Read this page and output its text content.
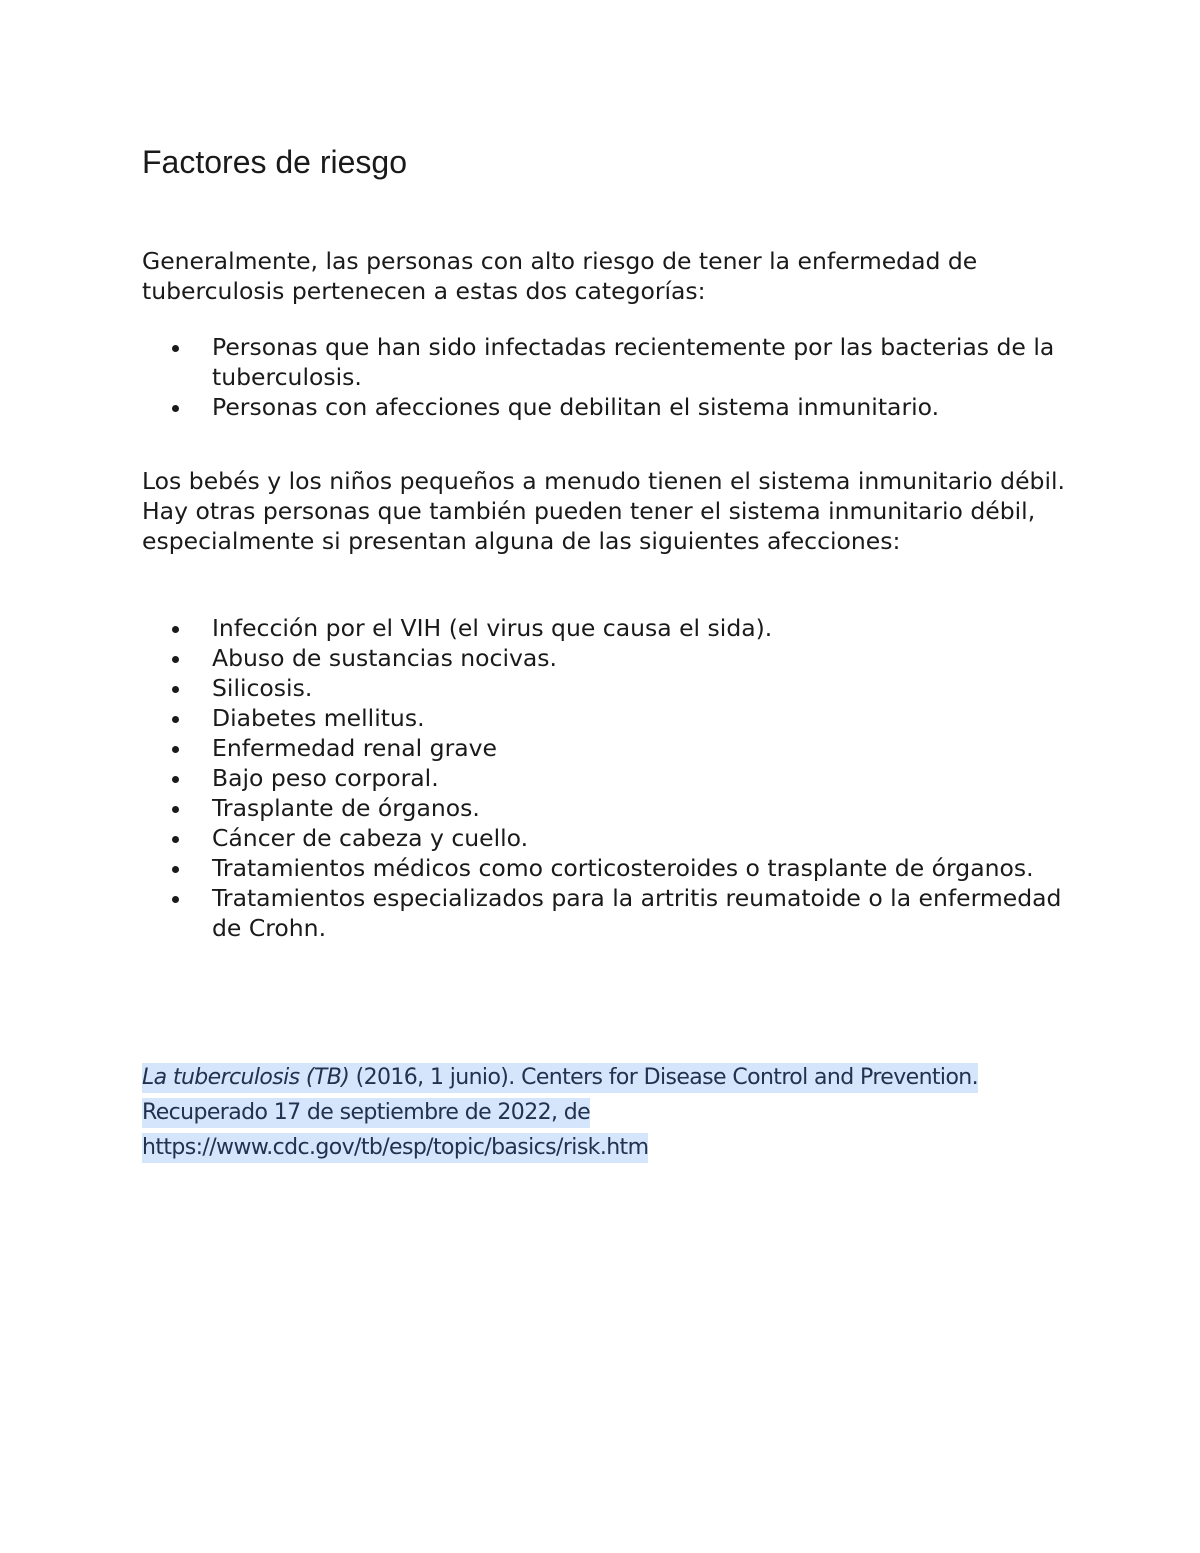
Factores de riesgo

Generalmente, las personas con alto riesgo de tener la enfermedad de tuberculosis pertenecen a estas dos categorías:

Personas que han sido infectadas recientemente por las bacterias de la tuberculosis.
Personas con afecciones que debilitan el sistema inmunitario.

Los bebés y los niños pequeños a menudo tienen el sistema inmunitario débil. Hay otras personas que también pueden tener el sistema inmunitario débil, especialmente si presentan alguna de las siguientes afecciones:

Infección por el VIH (el virus que causa el sida).
Abuso de sustancias nocivas.
Silicosis.
Diabetes mellitus.
Enfermedad renal grave
Bajo peso corporal.
Trasplante de órganos.
Cáncer de cabeza y cuello.
Tratamientos médicos como corticosteroides o trasplante de órganos.
Tratamientos especializados para la artritis reumatoide o la enfermedad de Crohn.
La tuberculosis (TB) (2016, 1 junio). Centers for Disease Control and Prevention.
Recuperado 17 de septiembre de 2022, de
https://www.cdc.gov/tb/esp/topic/basics/risk.htm
